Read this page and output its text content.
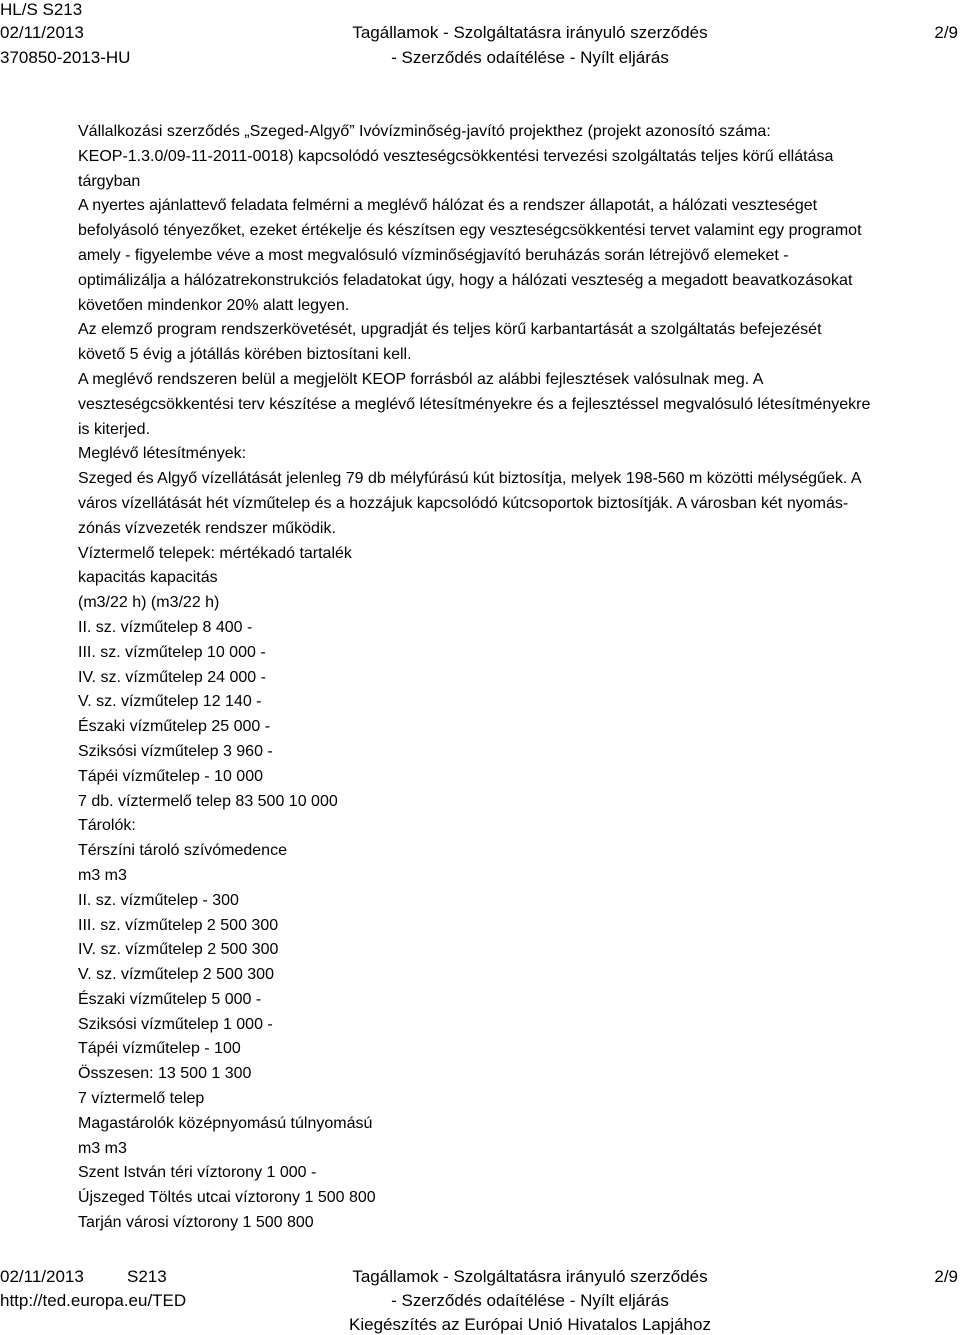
HL/S S213
02/11/2013
370850-2013-HU
Tagállamok - Szolgáltatásra irányuló szerződés
- Szerződés odaítélése - Nyílt eljárás
2/9
Vállalkozási szerződés „Szeged-Algyő” Ivóvízminőség-javító projekthez (projekt azonosító száma:
KEOP-1.3.0/09-11-2011-0018) kapcsolódó veszteségcsökkentési tervezési szolgáltatás teljes körű ellátása
tárgyban
A nyertes ajánlattevő feladata felmérni a meglévő hálózat és a rendszer állapotát, a hálózati veszteséget
befolyásoló tényezőket, ezeket értékelje és készítsen egy veszteségcsökkentési tervet valamint egy programot
amely - figyelembe véve a most megvalósuló vízminőségjavító beruházás során létrejövő elemeket -
optimálizálja a hálózatrekonstrukciós feladatokat úgy, hogy a hálózati veszteség a megadott beavatkozásokat
követően mindenkor 20% alatt legyen.
Az elemző program rendszerkövetését, upgradját és teljes körű karbantartását a szolgáltatás befejezését
követő 5 évig a jótállás körében biztosítani kell.
A meglévő rendszeren belül a megjelölt KEOP forrásból az alábbi fejlesztések valósulnak meg. A
veszteségcsökkentési terv készítése a meglévő létesítményekre és a fejlesztéssel megvalósuló létesítményekre
is kiterjed.
Meglévő létesítmények:
Szeged és Algyő vízellátását jelenleg 79 db mélyfúrású kút biztosítja, melyek 198-560 m közötti mélységűek. A
város vízellátását hét vízműtelep és a hozzájuk kapcsolódó kútcsoportok biztosítják. A városban két nyomás-
zónás vízvezeték rendszer működik.
Víztermelő telepek: mértékadó tartalék
kapacitás kapacitás
(m3/22 h) (m3/22 h)
II. sz. vízműtelep 8 400 -
III. sz. vízműtelep 10 000 -
IV. sz. vízműtelep 24 000 -
V. sz. vízműtelep 12 140 -
Északi vízműtelep 25 000 -
Sziksósi vízműtelep 3 960 -
Tápéi vízműtelep - 10 000
7 db. víztermelő telep 83 500 10 000
Tárolók:
Térszíni tároló szívómedence
m3 m3
II. sz. vízműtelep - 300
III. sz. vízműtelep 2 500 300
IV. sz. vízműtelep 2 500 300
V. sz. vízműtelep 2 500 300
Északi vízműtelep 5 000 -
Sziksósi vízműtelep 1 000 -
Tápéi vízműtelep - 100
Összesen: 13 500 1 300
7 víztermelő telep
Magastárolók középnyomású túlnyomású
m3 m3
Szent István téri víztorony 1 000 -
Újszeged Töltés utcai víztorony 1 500 800
Tarján városi víztorony 1 500 800
02/11/2013	S213
http://ted.europa.eu/TED
Tagállamok - Szolgáltatásra irányuló szerződés
- Szerződés odaítélése - Nyílt eljárás
Kiegészítés az Európai Unió Hivatalos Lapjához
2/9
